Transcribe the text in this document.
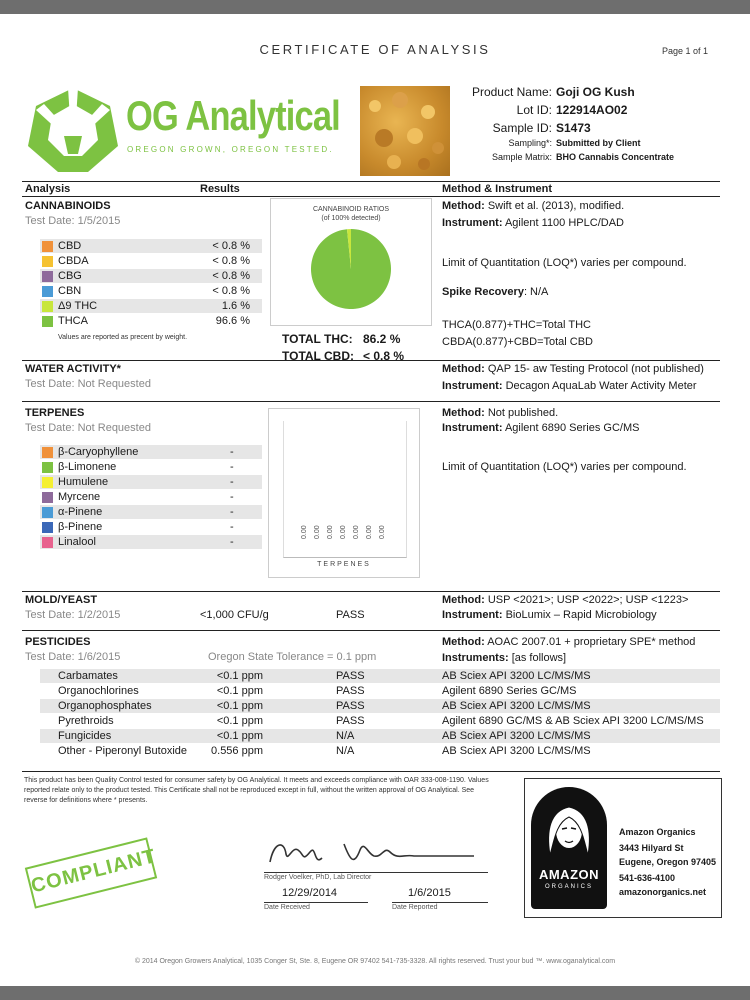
CERTIFICATE OF ANALYSIS	Page 1 of 1
OG Analytical
OREGON GROWN, OREGON TESTED.
Product Name: Goji OG Kush
Lot ID: 122914AO02
Sample ID: S1473
Sampling*: Submitted by Client
Sample Matrix: BHO Cannabis Concentrate
Analysis	Results	Method & Instrument
CANNABINOIDS
Test Date: 1/5/2015
CBD	< 0.8 %
CBDA	< 0.8 %
CBG	< 0.8 %
CBN	< 0.8 %
Δ9 THC	1.6 %
THCA	96.6 %
Values are reported as precent by weight.
CANNABINOID RATIOS
(of 100% detected)
TOTAL THC: 86.2 %
TOTAL CBD: < 0.8 %
Method: Swift et al. (2013), modified.
Instrument: Agilent 1100 HPLC/DAD
Limit of Quantitation (LOQ*) varies per compound.
Spike Recovery: N/A
THCA(0.877)+THC=Total THC
CBDA(0.877)+CBD=Total CBD
WATER ACTIVITY*
Test Date: Not Requested
Method: QAP 15- aw Testing Protocol (not published)
Instrument: Decagon AquaLab Water Activity Meter
TERPENES
Test Date: Not Requested
β-Caryophyllene	-
β-Limonene	-
Humulene	-
Myrcene	-
α-Pinene	-
β-Pinene	-
Linalool	-
0.00 0.00 0.00 0.00 0.00 0.00 0.00
TERPENES
Method: Not published.
Instrument: Agilent 6890 Series GC/MS
Limit of Quantitation (LOQ*) varies per compound.
MOLD/YEAST
Test Date: 1/2/2015	<1,000 CFU/g	PASS
Method: USP <2021>; USP <2022>; USP <1223>
Instrument: BioLumix – Rapid Microbiology
PESTICIDES
Test Date: 1/6/2015	Oregon State Tolerance = 0.1 ppm
Method: AOAC 2007.01 + proprietary SPE* method
Instruments: [as follows]
Carbamates	<0.1 ppm	PASS	AB Sciex API 3200 LC/MS/MS
Organochlorines	<0.1 ppm	PASS	Agilent 6890 Series GC/MS
Organophosphates	<0.1 ppm	PASS	AB Sciex API 3200 LC/MS/MS
Pyrethroids	<0.1 ppm	PASS	Agilent 6890 GC/MS & AB Sciex API 3200 LC/MS/MS
Fungicides	<0.1 ppm	N/A	AB Sciex API 3200 LC/MS/MS
Other - Piperonyl Butoxide 0.556 ppm	N/A	AB Sciex API 3200 LC/MS/MS
This product has been Quality Control tested for consumer safety by OG Analytical. It meets and exceeds compliance with OAR 333-008-1190. Values reported relate only to the product tested. This Certificate shall not be reproduced except in full, without the written approval of OG Analytical. See reverse for definitions where * presents.
COMPLIANT	Rodger Voelker, PhD, Lab Director
12/29/2014
Date Received
1/6/2015
Date Reported
AMAZON
ORGANICS
Amazon Organics
3443 Hilyard St
Eugene, Oregon 97405
541-636-4100
amazonorganics.net
© 2014 Oregon Growers Analytical, 1035 Conger St, Ste. 8, Eugene OR 97402 541-735-3328. All rights reserved. Trust your bud ™. www.oganalytical.com
